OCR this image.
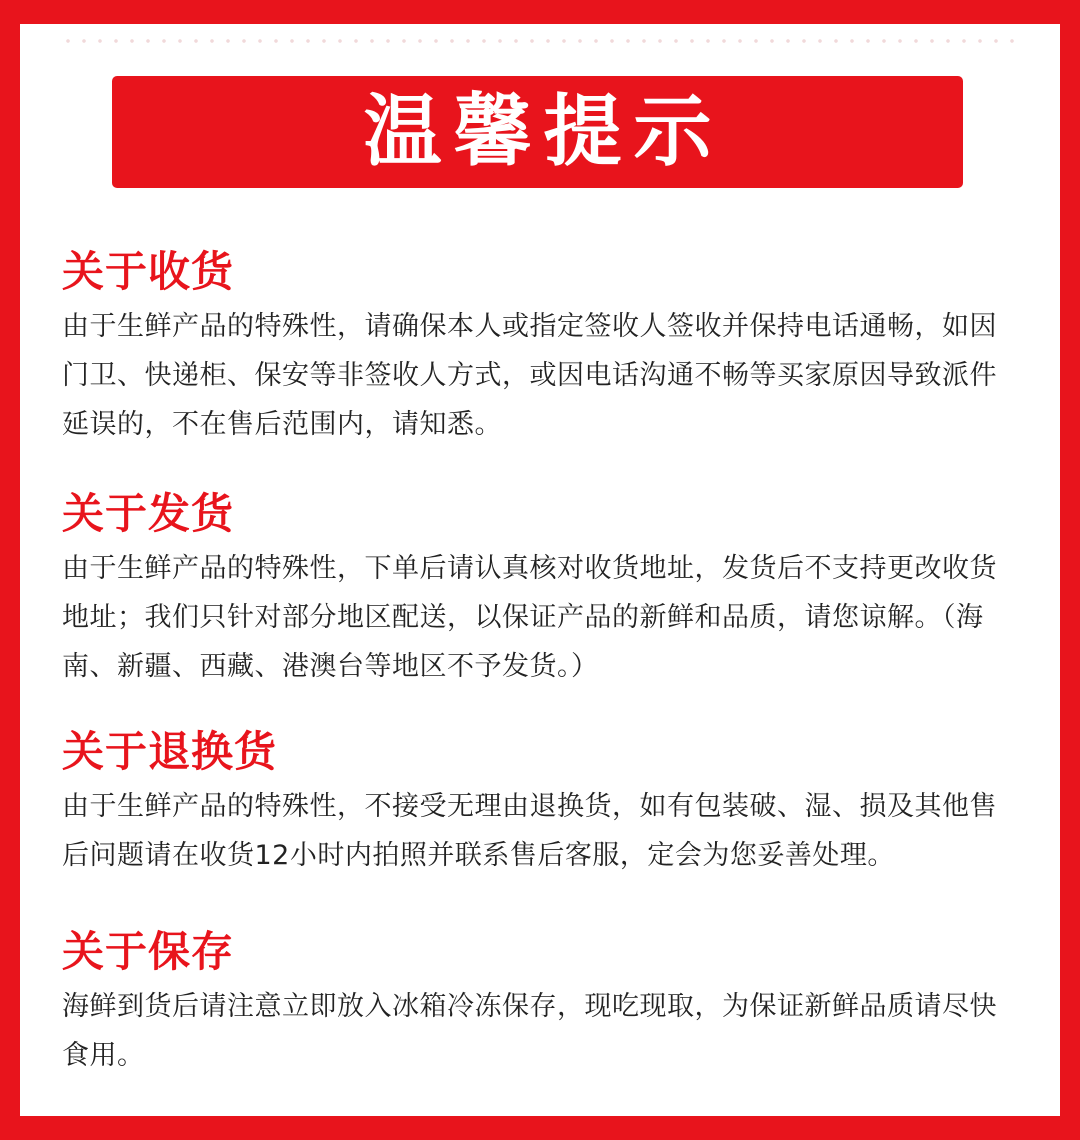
温馨提示
关于收货

由于生鲜产品的特殊性，请确保本人或指定签收人签收并保持电话通畅，如因门卫、快递柜、保安等非签收人方式，或因电话沟通不畅等买家原因导致派件延误的，不在售后范围内，请知悉。

关于发货

由于生鲜产品的特殊性，下单后请认真核对收货地址，发货后不支持更改收货地址；我们只针对部分地区配送，以保证产品的新鲜和品质，请您谅解。（海南、新疆、西藏、港澳台等地区不予发货。）

关于退换货

由于生鲜产品的特殊性，不接受无理由退换货，如有包装破、湿、损及其他售后问题请在收货12小时内拍照并联系售后客服，定会为您妥善处理。

关于保存

海鲜到货后请注意立即放入冰箱冷冻保存，现吃现取，为保证新鲜品质请尽快食用。
